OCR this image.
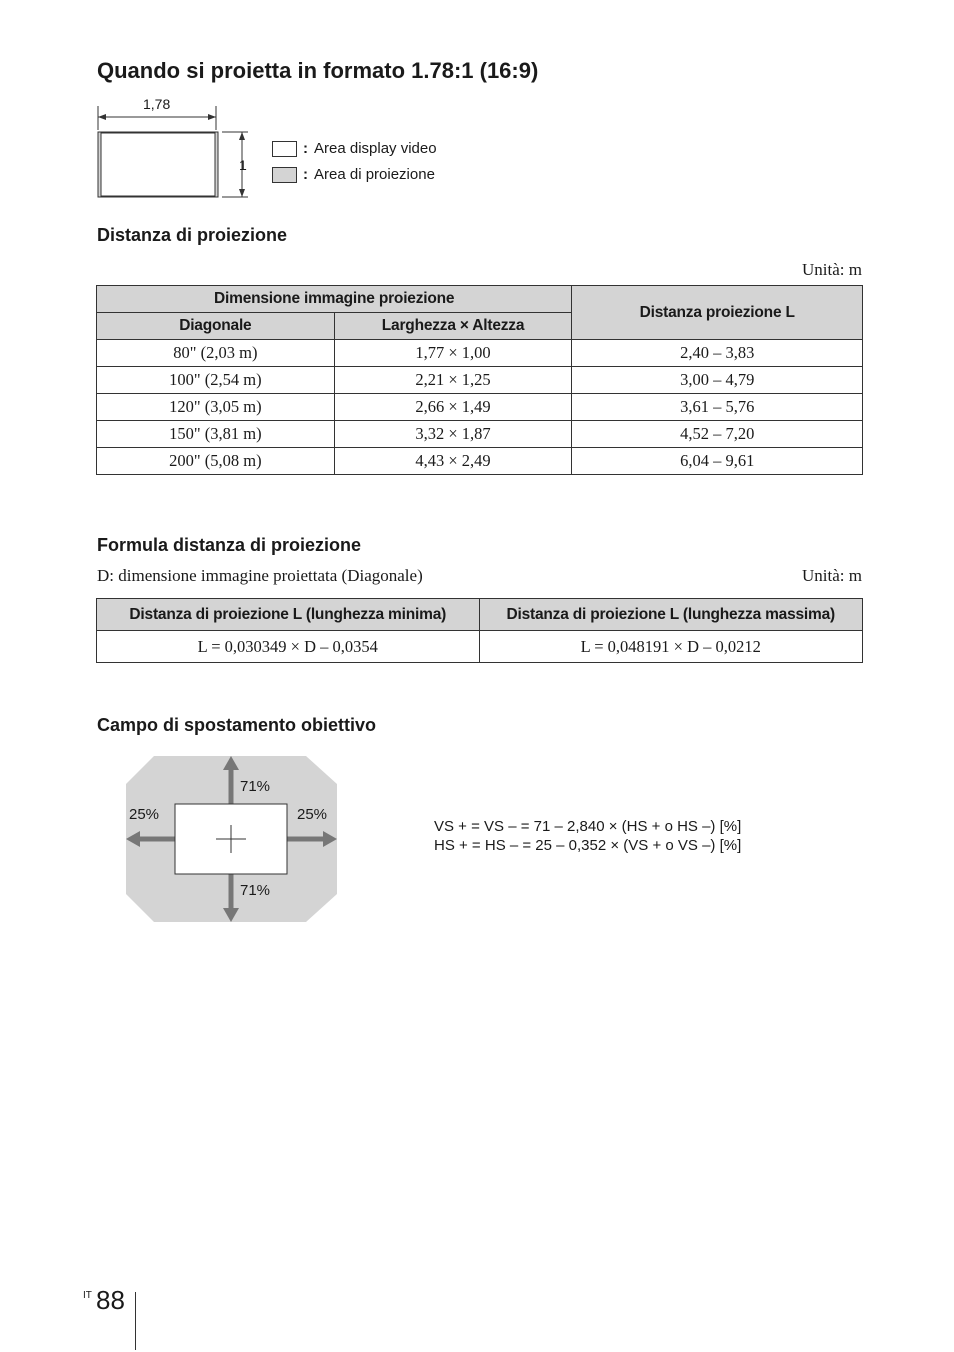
Quando si proietta in formato 1.78:1 (16:9)
1,78
1
: Area display video
: Area di proiezione
Distanza di proiezione
Unità: m
Dimensione immagine proiezione		Distanza proiezione L
Diagonale	Larghezza × Altezza	
80" (2,03 m)	1,77 × 1,00	2,40 – 3,83
100" (2,54 m)	2,21 × 1,25	3,00 – 4,79
120" (3,05 m)	2,66 × 1,49	3,61 – 5,76
150" (3,81 m)	3,32 × 1,87	4,52 – 7,20
200" (5,08 m)	4,43 × 2,49	6,04 – 9,61
Formula distanza di proiezione
D: dimensione immagine proiettata (Diagonale)	Unità: m
Distanza di proiezione L (lunghezza minima)	Distanza di proiezione L (lunghezza massima)
L = 0,030349 × D – 0,0354	L = 0,048191 × D – 0,0212
Campo di spostamento obiettivo
71%
71%
25%	25%
VS + = VS – = 71 – 2,840 × (HS + o HS –) [%]
HS + = HS – = 25 – 0,352 × (VS + o VS –) [%]
IT 88
